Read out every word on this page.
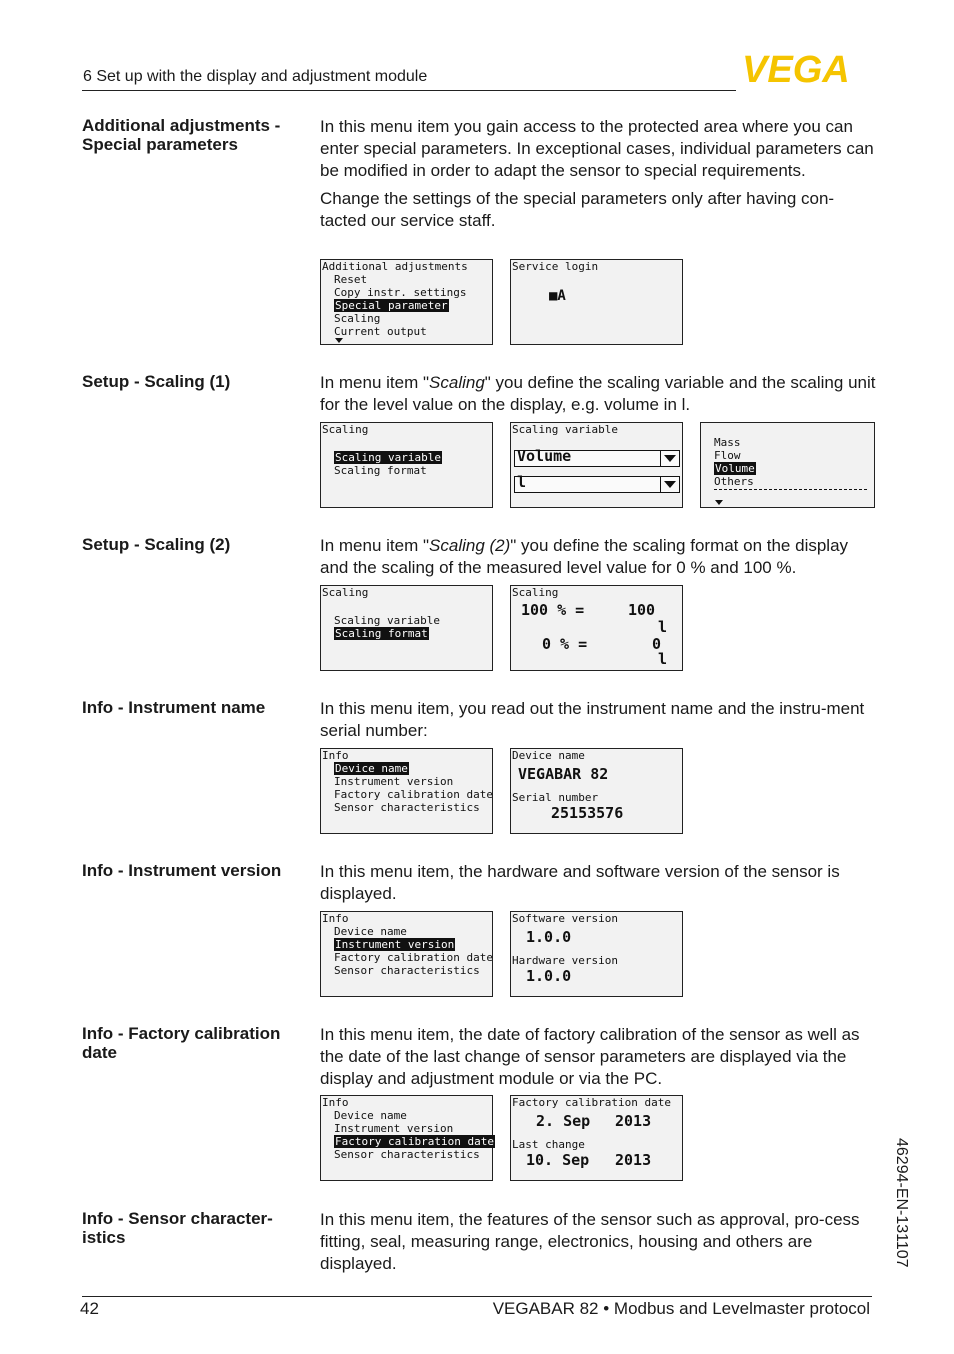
6 Set up with the display and adjustment module	VEGA
46294-EN-131107
Additional adjustments - Special parameters

In this menu item you gain access to the protected area where you can enter special parameters. In exceptional cases, individual parameters can be modified in order to adapt the sensor to special requirements.

Change the settings of the special parameters only after having con-tacted our service staff.

Additional adjustments
Reset
Copy instr. settings
Special parameter
Scaling
Current output
Service login
■A
Setup - Scaling (1)	In menu item "Scaling" you define the scaling variable and the scaling unit for the level value on the display, e.g. volume in l.

Scaling
Scaling variable
Scaling format
Scaling variable
Volume
l
Mass
Flow
Volume
Others
Setup - Scaling (2)	In menu item "Scaling (2)" you define the scaling format on the display and the scaling of the measured level value for 0 % and 100 %.

Scaling
Scaling variable
Scaling format
Scaling
100 % =	100
l
0 % =	0
l
Info - Instrument name	In this menu item, you read out the instrument name and the instru-ment serial number:

Info
Device name
Instrument version
Factory calibration date
Sensor characteristics
Device name
VEGABAR 82
Serial number
25153576
Info - Instrument version	In this menu item, the hardware and software version of the sensor is displayed.

Info
Device name
Instrument version
Factory calibration date
Sensor characteristics
Software version
1.0.0
Hardware version
1.0.0
Info - Factory calibration date

In this menu item, the date of factory calibration of the sensor as well as the date of the last change of sensor parameters are displayed via the display and adjustment module or via the PC.

Info
Device name
Instrument version
Factory calibration date
Sensor characteristics
Factory calibration date
2. Sep 2013
Last change
10. Sep 2013
Info - Sensor character-istics

In this menu item, the features of the sensor such as approval, pro-cess fitting, seal, measuring range, electronics, housing and others are displayed.

42	VEGABAR 82 • Modbus and Levelmaster protocol
